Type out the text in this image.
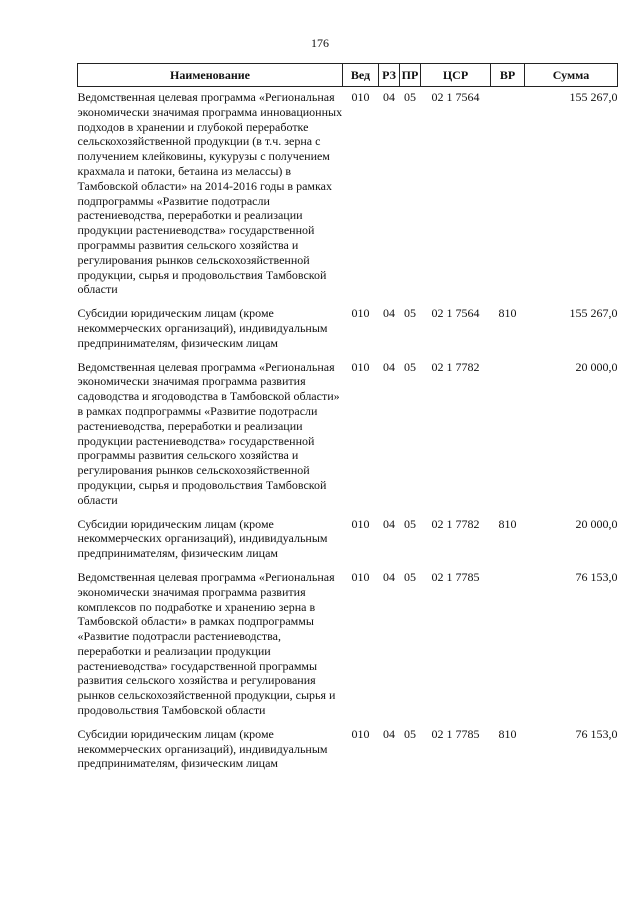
176
Наименование	Вед	РЗ	ПР	ЦСР	ВР	Сумма
Ведомственная целевая программа «Региональная экономически значимая программа инновационных подходов в хранении и глубокой переработке сельскохозяйственной продукции (в т.ч. зерна с получением клейковины, кукурузы с получением крахмала и патоки, бетаина из мелассы) в Тамбовской области» на 2014-2016 годы в рамках подпрограммы «Развитие подотрасли растениеводства, переработки и реализации продукции растениеводства» государственной программы развития сельского хозяйства и регулирования рынков сельскохозяйственной продукции, сырья и продовольствия Тамбовской области	010	04	05	02 1 7564		155 267,0
Субсидии юридическим лицам (кроме некоммерческих организаций), индивидуальным предпринимателям, физическим лицам	010	04	05	02 1 7564	810	155 267,0
Ведомственная целевая программа «Региональная экономически значимая программа развития садоводства и ягодоводства в Тамбовской области» в рамках подпрограммы «Развитие подотрасли растениеводства, переработки и реализации продукции растениеводства» государственной программы развития сельского хозяйства и регулирования рынков сельскохозяйственной продукции, сырья и продовольствия Тамбовской области	010	04	05	02 1 7782		20 000,0
Субсидии юридическим лицам (кроме некоммерческих организаций), индивидуальным предпринимателям, физическим лицам	010	04	05	02 1 7782	810	20 000,0
Ведомственная целевая программа «Региональная экономически значимая программа развития комплексов по подработке и хранению зерна в Тамбовской области» в рамках подпрограммы «Развитие подотрасли растениеводства, переработки и реализации продукции растениеводства» государственной программы развития сельского хозяйства и регулирования рынков сельскохозяйственной продукции, сырья и продовольствия Тамбовской области	010	04	05	02 1 7785		76 153,0
Субсидии юридическим лицам (кроме некоммерческих организаций), индивидуальным предпринимателям, физическим лицам	010	04	05	02 1 7785	810	76 153,0
